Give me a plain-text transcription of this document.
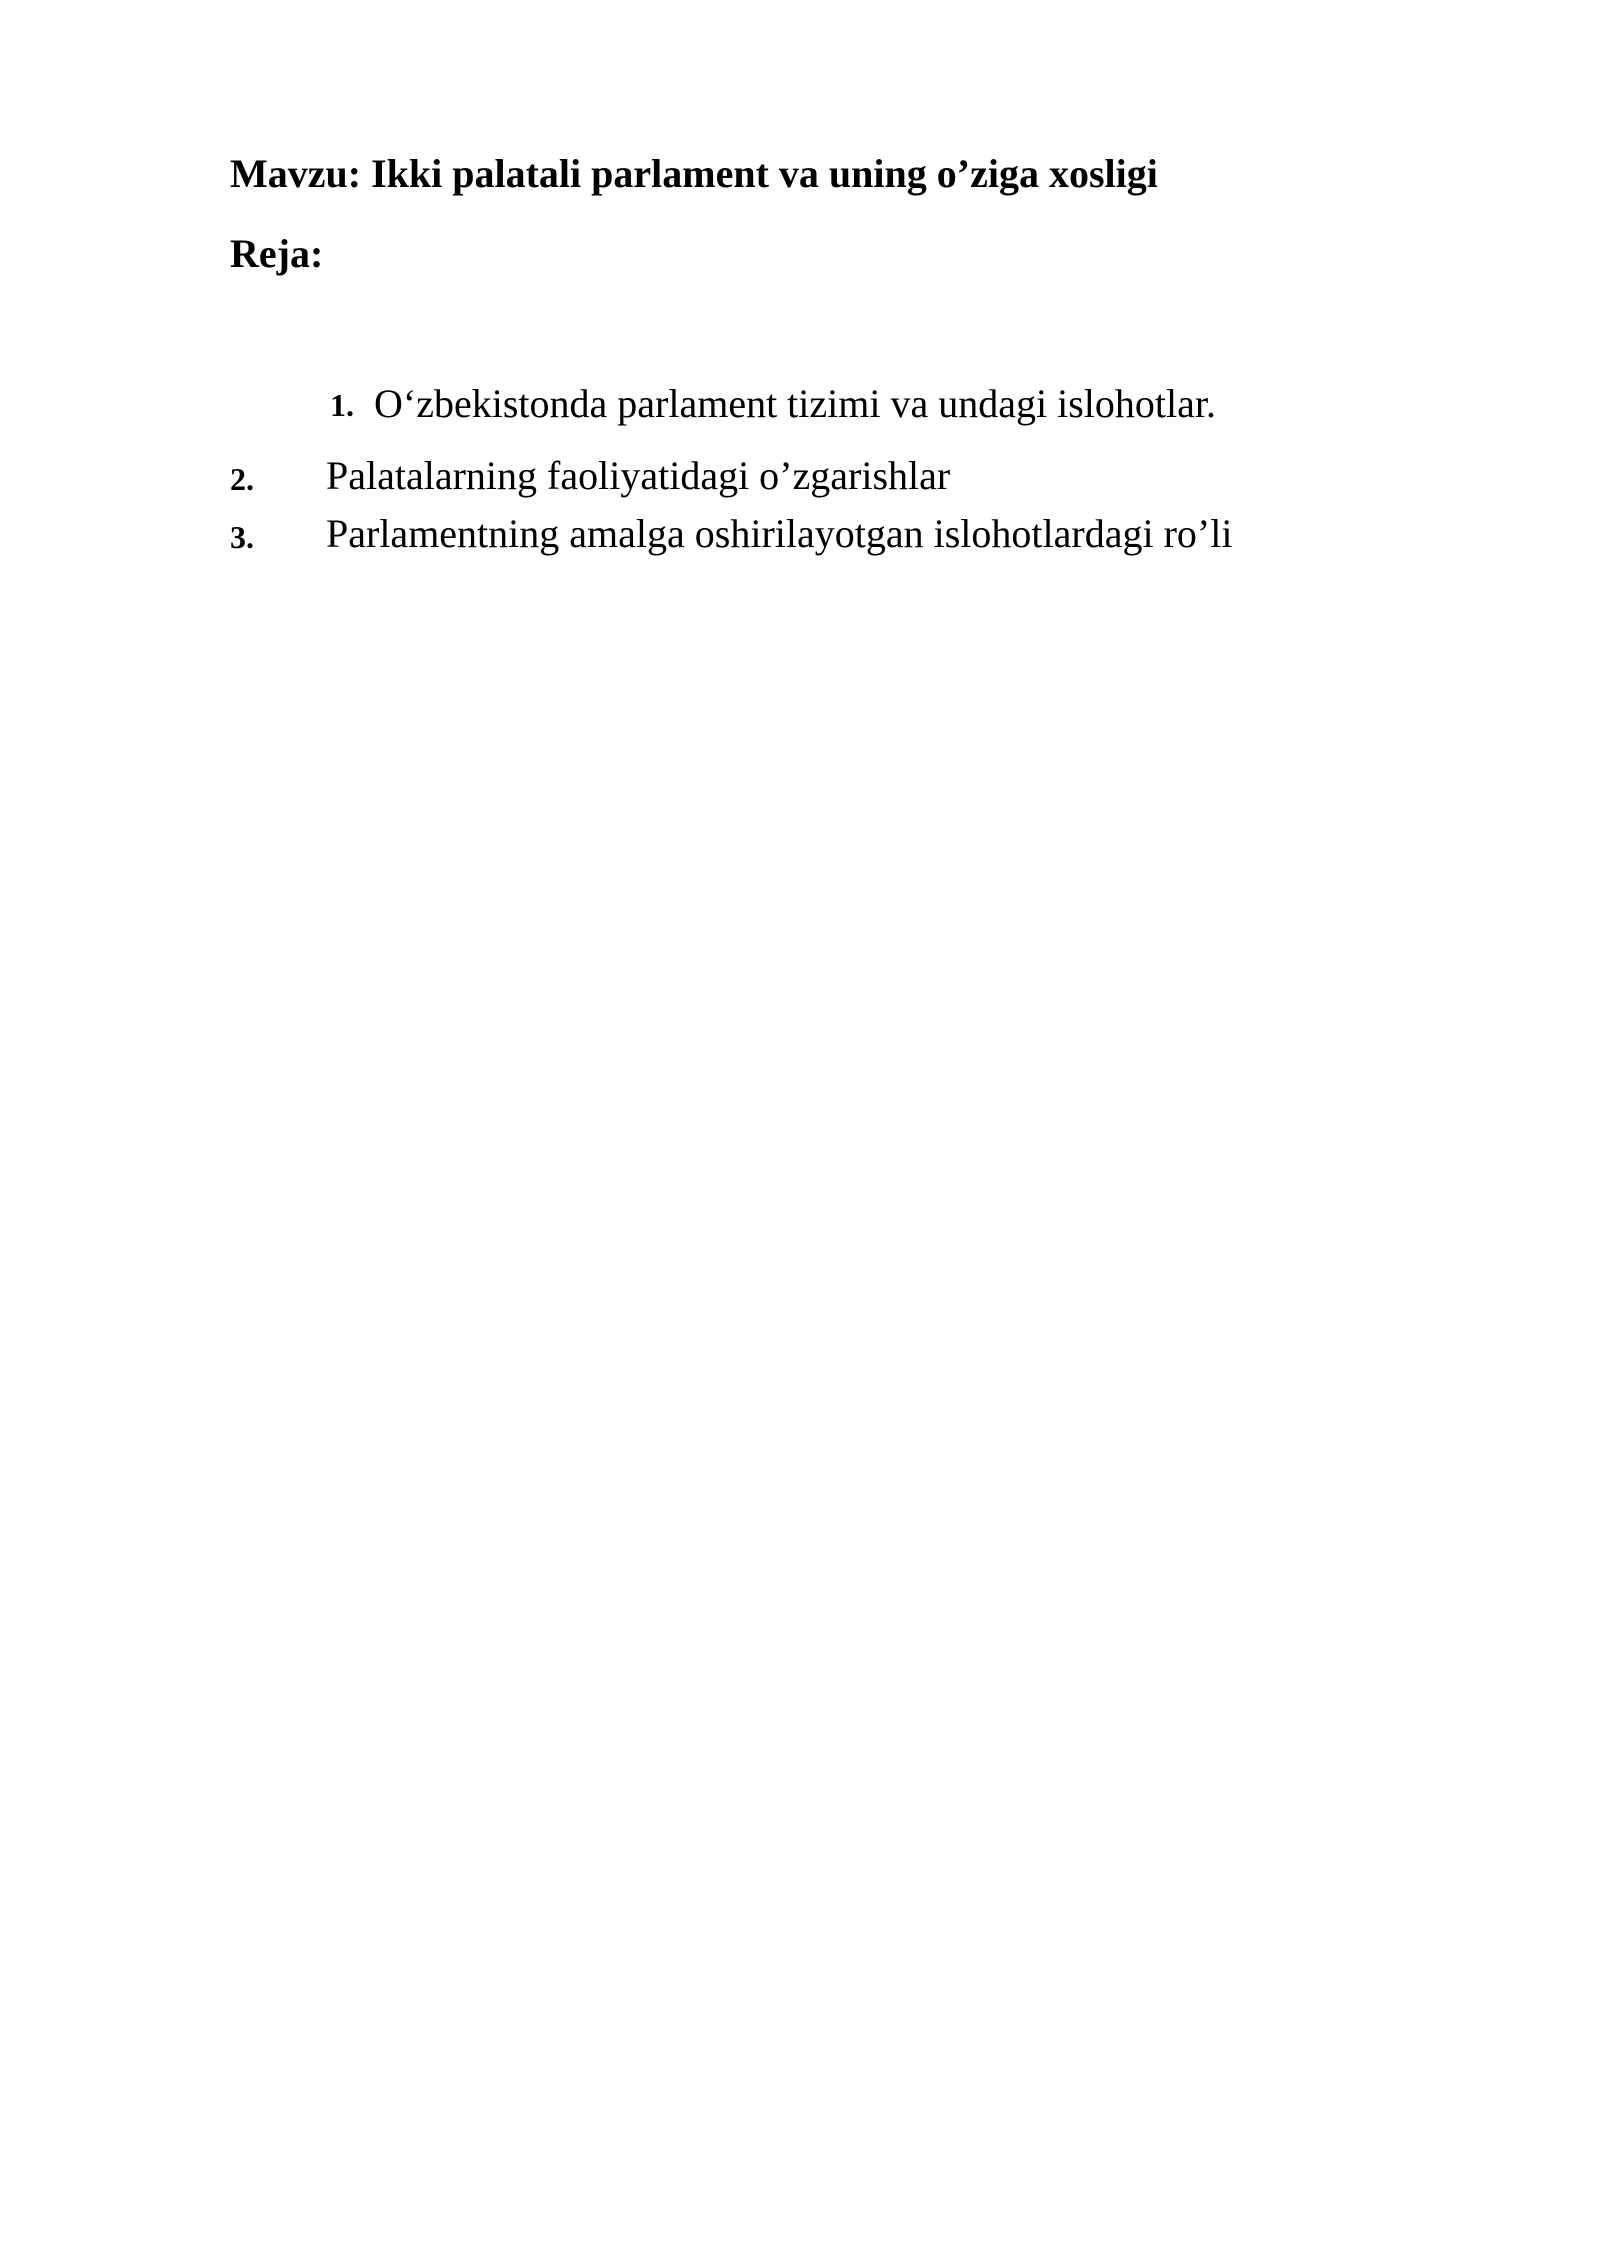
Mavzu: Ikki palatali parlament va uning o’ziga xosligi
Reja:
1. O‘zbekistonda parlament tizimi va undagi islohotlar.
2. Palatalarning faoliyatidagi o’zgarishlar
3. Parlamentning amalga oshirilayotgan islohotlardagi ro’li
